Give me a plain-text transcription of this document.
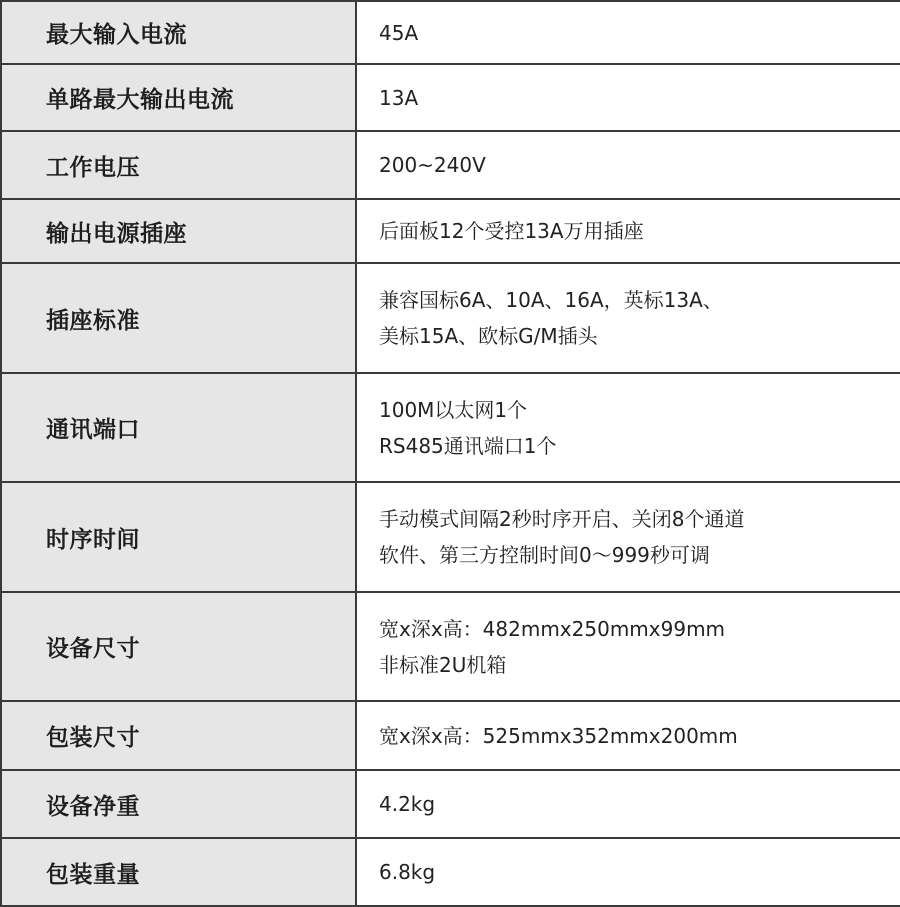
最大输入电流	45A

单路最大输出电流	13A

工作电压	200~240V

输出电源插座	后面板12个受控13A万用插座

插座标准	兼容国标6A、10A、16A，英标13A、
美标15A、欧标G/M插头

通讯端口	100M以太网1个
RS485通讯端口1个

时序时间	手动模式间隔2秒时序开启、关闭8个通道
软件、第三方控制时间0～999秒可调

设备尺寸	宽x深x高：482mmx250mmx99mm
非标准2U机箱

包装尺寸	宽x深x高：525mmx352mmx200mm

设备净重	4.2kg

包装重量	6.8kg
